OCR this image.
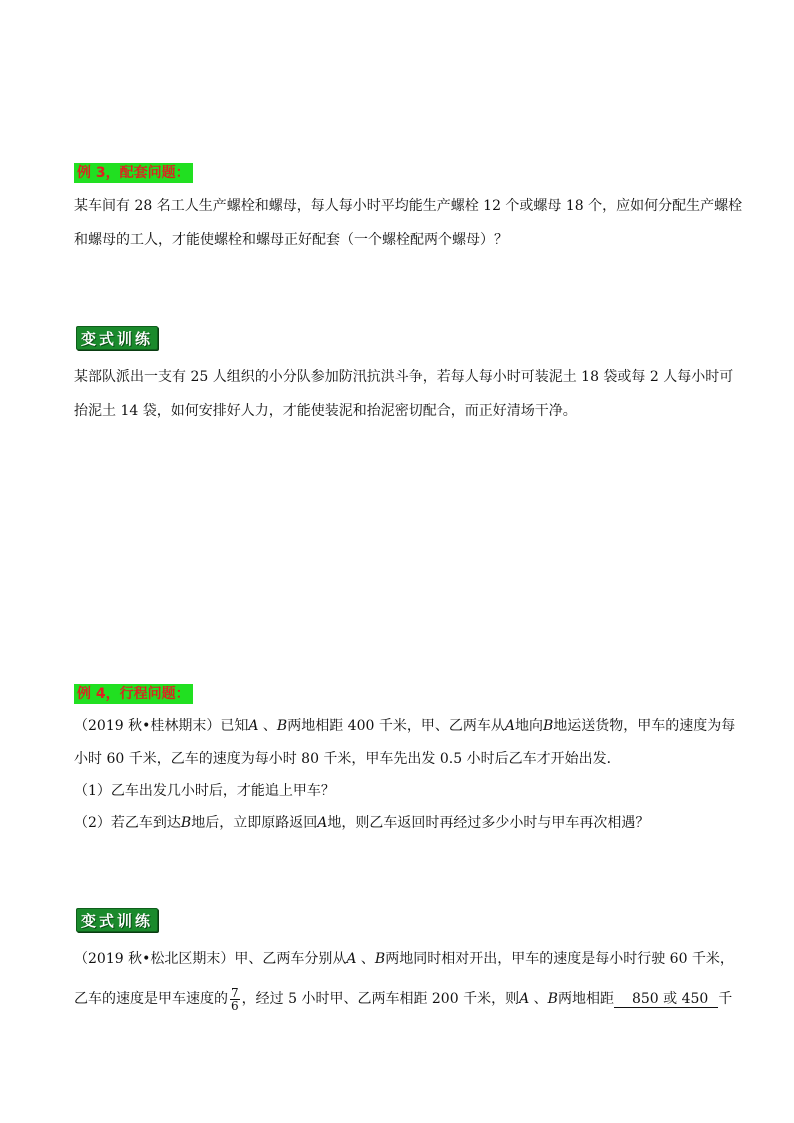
例 3，配套问题：
某车间有 28 名工人生产螺栓和螺母，每人每小时平均能生产螺栓 12 个或螺母 18 个，应如何分配生产螺栓
和螺母的工人，才能使螺栓和螺母正好配套（一个螺栓配两个螺母）？
变式训练
某部队派出一支有 25 人组织的小分队参加防汛抗洪斗争，若每人每小时可装泥土 18 袋或每 2 人每小时可
抬泥土 14 袋，如何安排好人力，才能使装泥和抬泥密切配合，而正好清场干净。
例 4，行程问题：
（2019 秋•桂林期末）已知A 、B两地相距 400 千米，甲、乙两车从A地向B地运送货物，甲车的速度为每
小时 60 千米，乙车的速度为每小时 80 千米，甲车先出发 0.5 小时后乙车才开始出发．
（1）乙车出发几小时后，才能追上甲车？
（2）若乙车到达B地后，立即原路返回A地，则乙车返回时再经过多少小时与甲车再次相遇？
变式训练
（2019 秋•松北区期末）甲、乙两车分别从A 、B两地同时相对开出，甲车的速度是每小时行驶 60 千米，
乙车的速度是甲车速度的 $\frac{7}{6}$ ，经过 5 小时甲、乙两车相距 200 千米，则A 、B两地相距 850 或 450 千
